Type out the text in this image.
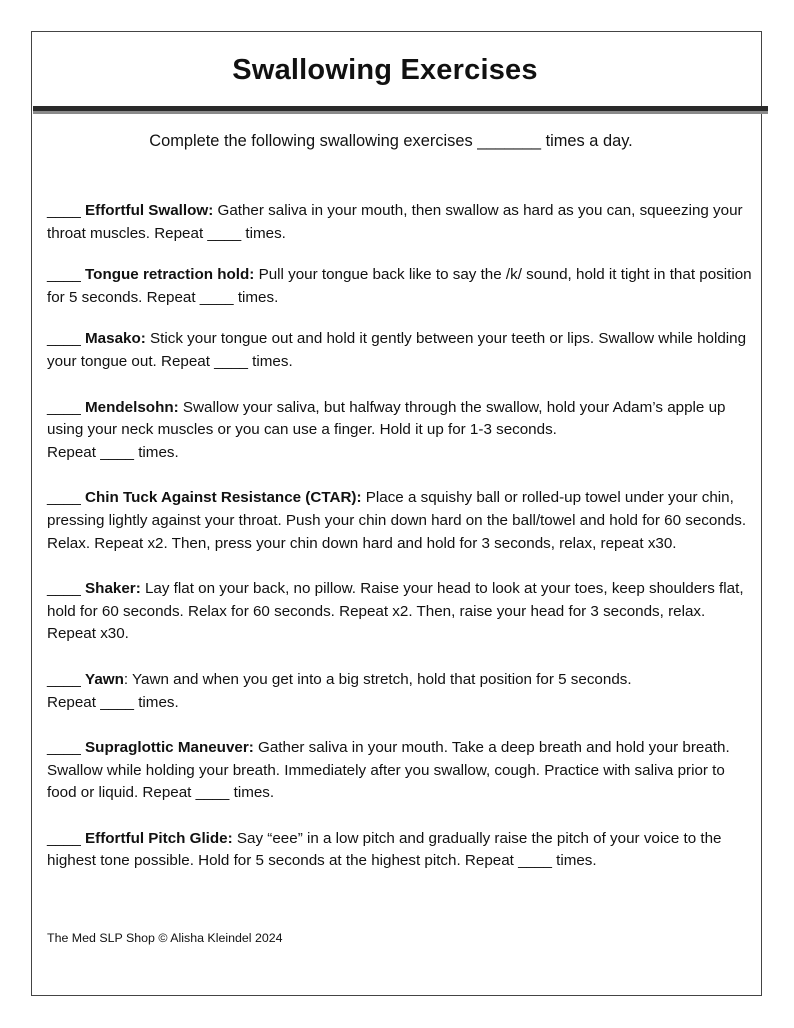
Swallowing Exercises
Complete the following swallowing exercises _______ times a day.

____ Effortful Swallow: Gather saliva in your mouth, then swallow as hard as you can, squeezing your throat muscles. Repeat ____ times.

____ Tongue retraction hold: Pull your tongue back like to say the /k/ sound, hold it tight in that position for 5 seconds. Repeat ____ times.

____ Masako: Stick your tongue out and hold it gently between your teeth or lips. Swallow while holding your tongue out. Repeat ____ times.

____ Mendelsohn: Swallow your saliva, but halfway through the swallow, hold your Adam’s apple up using your neck muscles or you can use a finger. Hold it up for 1-3 seconds.
Repeat ____ times.

____ Chin Tuck Against Resistance (CTAR): Place a squishy ball or rolled-up towel under your chin, pressing lightly against your throat. Push your chin down hard on the ball/towel and hold for 60 seconds. Relax. Repeat x2. Then, press your chin down hard and hold for 3 seconds, relax, repeat x30.

____ Shaker: Lay flat on your back, no pillow. Raise your head to look at your toes, keep shoulders flat, hold for 60 seconds. Relax for 60 seconds. Repeat x2. Then, raise your head for 3 seconds, relax. Repeat x30.

____ Yawn: Yawn and when you get into a big stretch, hold that position for 5 seconds.
Repeat ____ times.

____ Supraglottic Maneuver: Gather saliva in your mouth. Take a deep breath and hold your breath. Swallow while holding your breath. Immediately after you swallow, cough. Practice with saliva prior to food or liquid. Repeat ____ times.

____ Effortful Pitch Glide: Say “eee” in a low pitch and gradually raise the pitch of your voice to the highest tone possible. Hold for 5 seconds at the highest pitch. Repeat ____ times.

The Med SLP Shop © Alisha Kleindel 2024
